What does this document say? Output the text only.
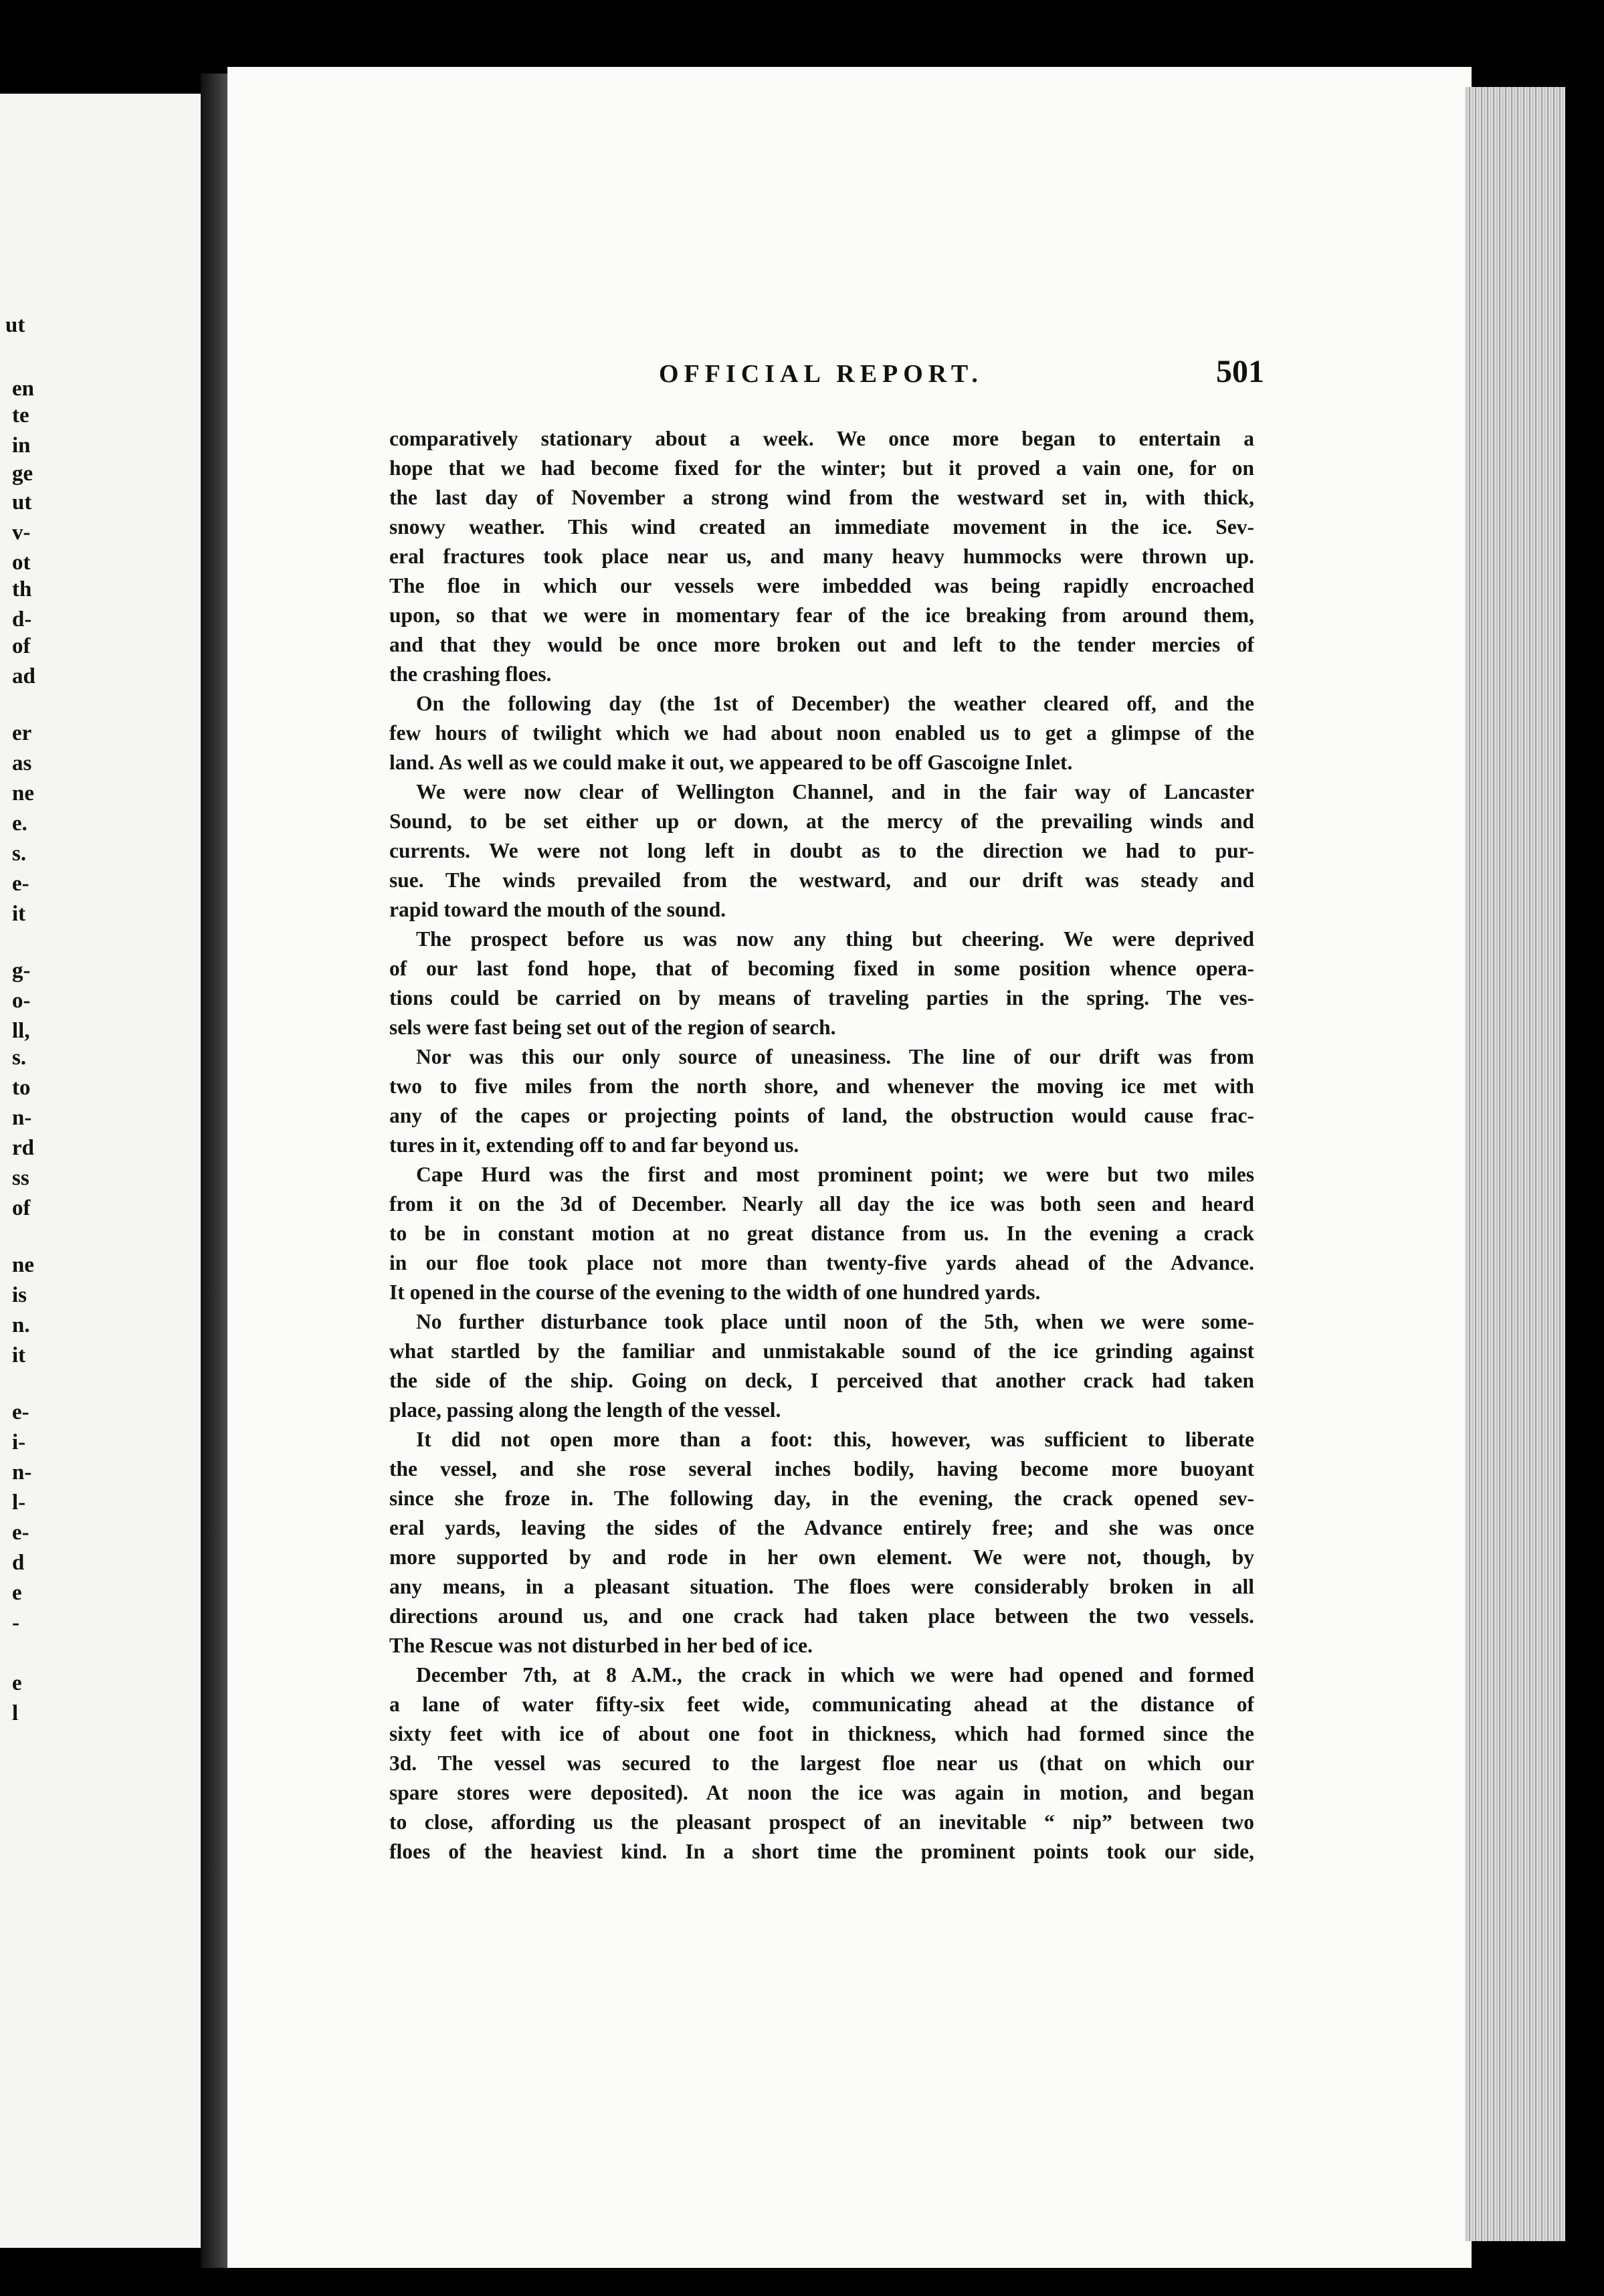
ut
en
te
in
ge
ut
v-
ot
th
d-
of
ad
er
as
ne
e.
s.
e-
it
g-
o-
ll,
s.
to
n-
rd
ss
of
ne
is
n.
it
e-
i-
n-
l-
e-
d
e
-
e
l
OFFICIAL REPORT.	501
comparatively stationary about a week. We once more began to entertain a
hope that we had become fixed for the winter; but it proved a vain one, for on
the last day of November a strong wind from the westward set in, with thick,
snowy weather. This wind created an immediate movement in the ice. Sev-
eral fractures took place near us, and many heavy hummocks were thrown up.
The floe in which our vessels were imbedded was being rapidly encroached
upon, so that we were in momentary fear of the ice breaking from around them,
and that they would be once more broken out and left to the tender mercies of
the crashing floes.
On the following day (the 1st of December) the weather cleared off, and the
few hours of twilight which we had about noon enabled us to get a glimpse of the
land. As well as we could make it out, we appeared to be off Gascoigne Inlet.
We were now clear of Wellington Channel, and in the fair way of Lancaster
Sound, to be set either up or down, at the mercy of the prevailing winds and
currents. We were not long left in doubt as to the direction we had to pur-
sue. The winds prevailed from the westward, and our drift was steady and
rapid toward the mouth of the sound.
The prospect before us was now any thing but cheering. We were deprived
of our last fond hope, that of becoming fixed in some position whence opera-
tions could be carried on by means of traveling parties in the spring. The ves-
sels were fast being set out of the region of search.
Nor was this our only source of uneasiness. The line of our drift was from
two to five miles from the north shore, and whenever the moving ice met with
any of the capes or projecting points of land, the obstruction would cause frac-
tures in it, extending off to and far beyond us.
Cape Hurd was the first and most prominent point; we were but two miles
from it on the 3d of December. Nearly all day the ice was both seen and heard
to be in constant motion at no great distance from us. In the evening a crack
in our floe took place not more than twenty-five yards ahead of the Advance.
It opened in the course of the evening to the width of one hundred yards.
No further disturbance took place until noon of the 5th, when we were some-
what startled by the familiar and unmistakable sound of the ice grinding against
the side of the ship. Going on deck, I perceived that another crack had taken
place, passing along the length of the vessel.
It did not open more than a foot: this, however, was sufficient to liberate
the vessel, and she rose several inches bodily, having become more buoyant
since she froze in. The following day, in the evening, the crack opened sev-
eral yards, leaving the sides of the Advance entirely free; and she was once
more supported by and rode in her own element. We were not, though, by
any means, in a pleasant situation. The floes were considerably broken in all
directions around us, and one crack had taken place between the two vessels.
The Rescue was not disturbed in her bed of ice.
December 7th, at 8 A.M., the crack in which we were had opened and formed
a lane of water fifty-six feet wide, communicating ahead at the distance of
sixty feet with ice of about one foot in thickness, which had formed since the
3d. The vessel was secured to the largest floe near us (that on which our
spare stores were deposited). At noon the ice was again in motion, and began
to close, affording us the pleasant prospect of an inevitable “ nip” between two
floes of the heaviest kind. In a short time the prominent points took our side,
